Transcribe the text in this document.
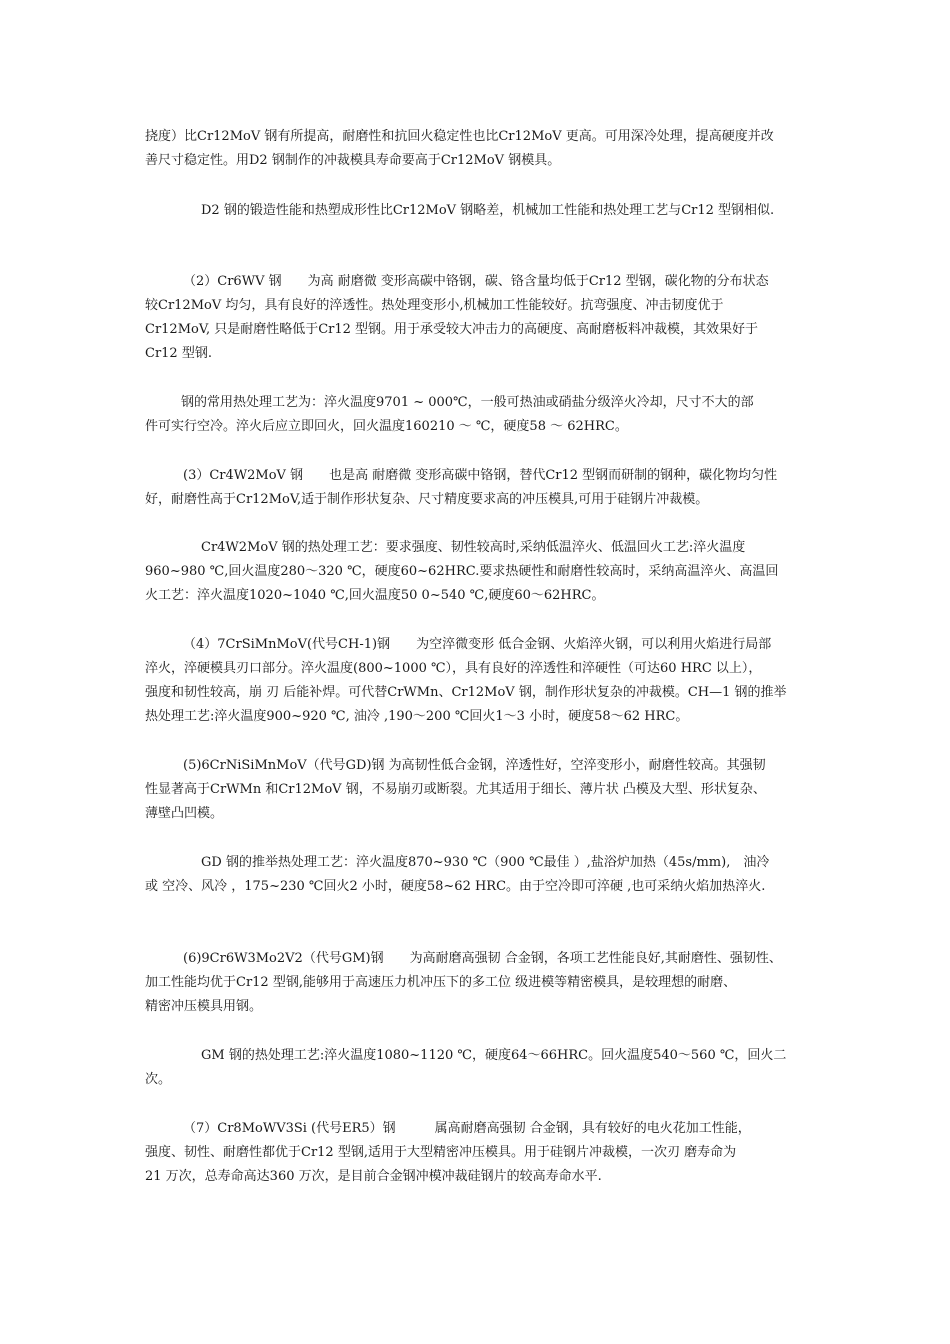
挠度）比Cr12MoV 钢有所提高，耐磨性和抗回火稳定性也比Cr12MoV 更高。可用深冷处理，提高硬度并改
善尺寸稳定性。用D2 钢制作的冲裁模具寿命要高于Cr12MoV 钢模具。

D2 钢的锻造性能和热塑成形性比Cr12MoV 钢略差，机械加工性能和热处理工艺与Cr12 型钢相似.

（2）Cr6WV 钢　　为高 耐磨微 变形高碳中铬钢，碳、铬含量均低于Cr12 型钢，碳化物的分布状态
较Cr12MoV 均匀，具有良好的淬透性。热处理变形小,机械加工性能较好。抗弯强度、冲击韧度优于
Cr12MoV, 只是耐磨性略低于Cr12 型钢。用于承受较大冲击力的高硬度、高耐磨板料冲裁模，其效果好于
Cr12 型钢.

钢的常用热处理工艺为：淬火温度9701 ~ 000℃，一般可热油或硝盐分级淬火冷却，尺寸不大的部
件可实行空冷。淬火后应立即回火，回火温度160210 ～ ℃，硬度58 ～ 62HRC。

(3）Cr4W2MoV 钢　　也是高 耐磨微 变形高碳中铬钢，替代Cr12 型钢而研制的钢种，碳化物均匀性
好，耐磨性高于Cr12MoV,适于制作形状复杂、尺寸精度要求高的冲压模具,可用于硅钢片冲裁模。

Cr4W2MoV 钢的热处理工艺：要求强度、韧性较高时,采纳低温淬火、低温回火工艺:淬火温度
960~980 ℃,回火温度280～320 ℃，硬度60~62HRC.要求热硬性和耐磨性较高时，采纳高温淬火、高温回
火工艺：淬火温度1020~1040 ℃,回火温度50 0~540 ℃,硬度60～62HRC。

（4）7CrSiMnMoV(代号CH-1)钢　　为空淬微变形 低合金钢、火焰淬火钢，可以利用火焰进行局部
淬火，淬硬模具刃口部分。淬火温度(800~1000 ℃），具有良好的淬透性和淬硬性（可达60 HRC 以上），
强度和韧性较高，崩 刃 后能补焊。可代替CrWMn、Cr12MoV 钢，制作形状复杂的冲裁模。CH—1 钢的推举
热处理工艺:淬火温度900~920 ℃, 油冷 ,190～200 ℃回火1～3 小时，硬度58～62 HRC。

(5)6CrNiSiMnMoV（代号GD)钢 为高韧性低合金钢，淬透性好，空淬变形小，耐磨性较高。其强韧
性显著高于CrWMn 和Cr12MoV 钢，不易崩刃或断裂。尤其适用于细长、薄片状 凸模及大型、形状复杂、
薄壁凸凹模。

GD 钢的推举热处理工艺：淬火温度870~930 ℃（900 ℃最佳 ）,盐浴炉加热（45s/mm),　油冷
或 空冷、风冷 ，175~230 ℃回火2 小时，硬度58~62 HRC。由于空冷即可淬硬 ,也可采纳火焰加热淬火.

(6)9Cr6W3Mo2V2（代号GM)钢　　为高耐磨高强韧 合金钢，各项工艺性能良好,其耐磨性、强韧性、
加工性能均优于Cr12 型钢,能够用于高速压力机冲压下的多工位 级进模等精密模具，是较理想的耐磨、
精密冲压模具用钢。

GM 钢的热处理工艺:淬火温度1080~1120 ℃，硬度64～66HRC。回火温度540～560 ℃，回火二
次。

（7）Cr8MoWV3Si (代号ER5）钢　　　属高耐磨高强韧 合金钢，具有较好的电火花加工性能，
强度、韧性、耐磨性都优于Cr12 型钢,适用于大型精密冲压模具。用于硅钢片冲裁模，一次刃 磨寿命为
21 万次，总寿命高达360 万次，是目前合金钢冲模冲裁硅钢片的较高寿命水平.
